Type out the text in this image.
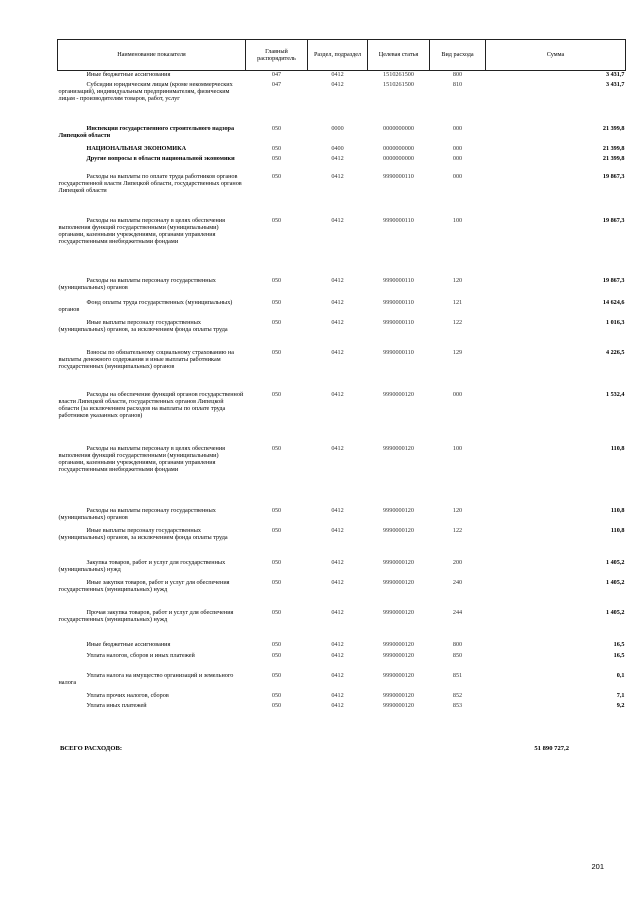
Наименование показателя	Главный распорядитель	Раздел, подраздел	Целевая статья	Вид расхода	Сумма
Иные бюджетные ассигнования	047	0412	1510261500	800	3 431,7
Субсидии юридическим лицам (кроме некоммерческих организаций), индивидуальным предпринимателям, физическим лицам - производителям товаров, работ, услуг	047	0412	1510261500	810	3 431,7
Инспекция государственного строительного надзора Липецкой области	050	0000	0000000000	000	21 399,8
НАЦИОНАЛЬНАЯ ЭКОНОМИКА	050	0400	0000000000	000	21 399,8
Другие вопросы в области национальной экономики	050	0412	0000000000	000	21 399,8
Расходы на выплаты по оплате труда работников органов государственной власти Липецкой области, государственных органов Липецкой области	050	0412	9990000110	000	19 867,3
Расходы на выплаты персоналу в целях обеспечения выполнения функций государственными (муниципальными) органами, казенными учреждениями, органами управления государственными внебюджетными фондами	050	0412	9990000110	100	19 867,3
Расходы на выплаты персоналу государственных (муниципальных) органов	050	0412	9990000110	120	19 867,3
Фонд оплаты труда государственных (муниципальных) органов	050	0412	9990000110	121	14 624,6
Иные выплаты персоналу государственных (муниципальных) органов, за исключением фонда оплаты труда	050	0412	9990000110	122	1 016,3
Взносы по обязательному социальному страхованию на выплаты денежного содержания и иные выплаты работникам государственных (муниципальных) органов	050	0412	9990000110	129	4 226,5
Расходы на обеспечение функций органов государственной власти Липецкой области, государственных органов Липецкой области (за исключением расходов на выплаты по оплате труда работников указанных органов)	050	0412	9990000120	000	1 532,4
Расходы на выплаты персоналу в целях обеспечения выполнения функций государственными (муниципальными) органами, казенными учреждениями, органами управления государственными внебюджетными фондами	050	0412	9990000120	100	110,8
Расходы на выплаты персоналу государственных (муниципальных) органов	050	0412	9990000120	120	110,8
Иные выплаты персоналу государственных (муниципальных) органов, за исключением фонда оплаты труда	050	0412	9990000120	122	110,8
Закупка товаров, работ и услуг для государственных (муниципальных) нужд	050	0412	9990000120	200	1 405,2
Иные закупки товаров, работ и услуг для обеспечения государственных (муниципальных) нужд	050	0412	9990000120	240	1 405,2
Прочая закупка товаров, работ и услуг для обеспечения государственных (муниципальных) нужд	050	0412	9990000120	244	1 405,2
Иные бюджетные ассигнования	050	0412	9990000120	800	16,5
Уплата налогов, сборов и иных платежей	050	0412	9990000120	850	16,5
Уплата налога на имущество организаций и земельного налога	050	0412	9990000120	851	0,1
Уплата прочих налогов, сборов	050	0412	9990000120	852	7,1
Уплата иных платежей	050	0412	9990000120	853	9,2
ВСЕГО РАСХОДОВ:	51 890 727,2
201
